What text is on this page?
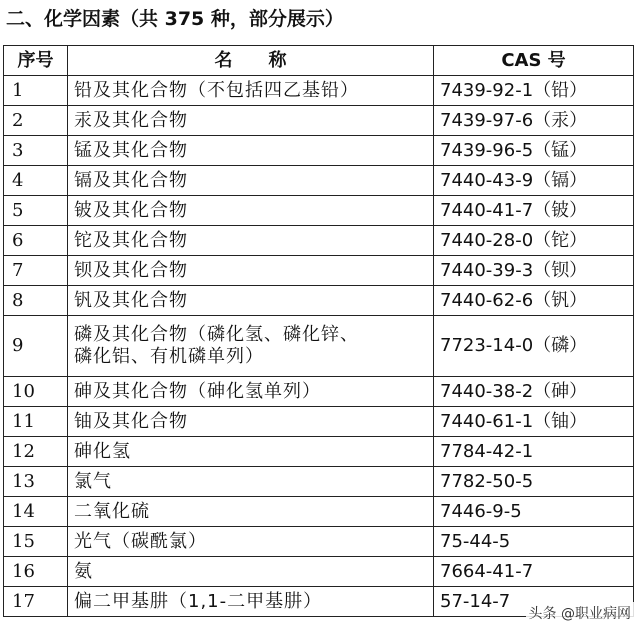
二、化学因素（共 375 种，部分展示）
序号	名　　称	CAS 号
1	铅及其化合物（不包括四乙基铅）	7439-92-1（铅）
2	汞及其化合物	7439-97-6（汞）
3	锰及其化合物	7439-96-5（锰）
4	镉及其化合物	7440-43-9（镉）
5	铍及其化合物	7440-41-7（铍）
6	铊及其化合物	7440-28-0（铊）
7	钡及其化合物	7440-39-3（钡）
8	钒及其化合物	7440-62-6（钒）
9	磷及其化合物（磷化氢、磷化锌、
磷化铝、有机磷单列）	7723-14-0（磷）
10	砷及其化合物（砷化氢单列）	7440-38-2（砷）
11	铀及其化合物	7440-61-1（铀）
12	砷化氢	7784-42-1
13	氯气	7782-50-5
14	二氧化硫	7446-9-5
15	光气（碳酰氯）	75-44-5
16	氨	7664-41-7
17	偏二甲基肼（1,1-二甲基肼）	57-14-7
头条 @职业病网
